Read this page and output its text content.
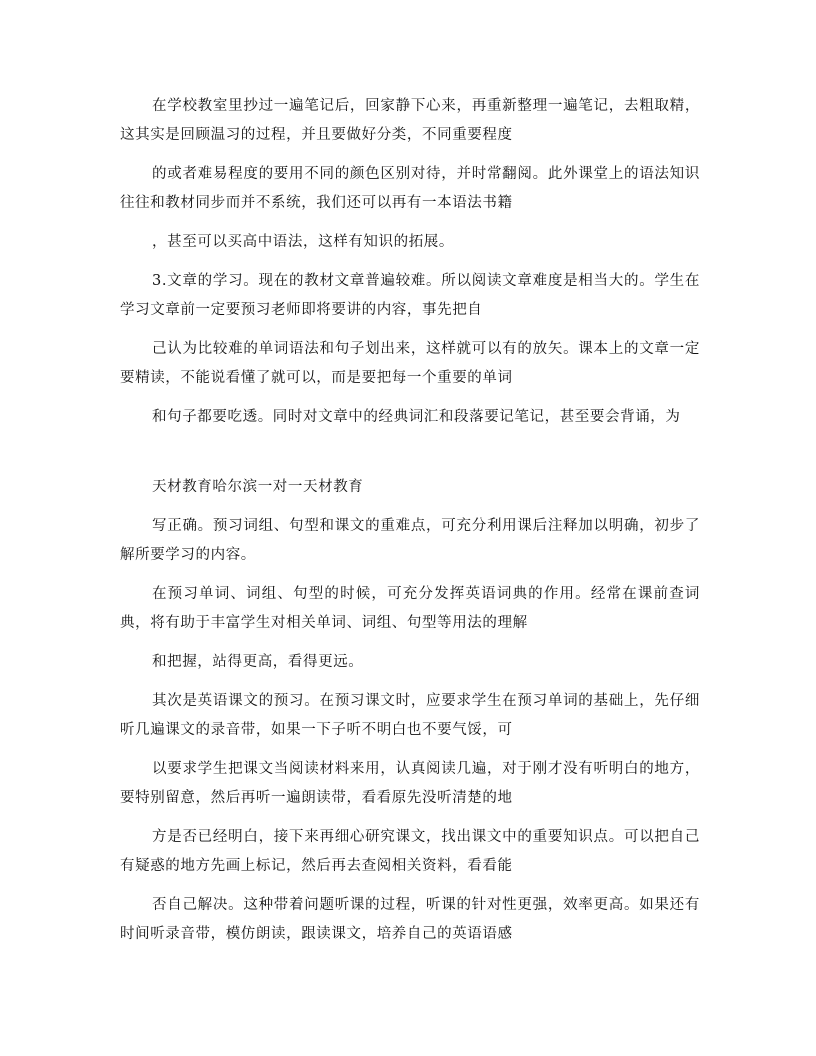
在学校教室里抄过一遍笔记后，回家静下心来，再重新整理一遍笔记，去粗取精，这其实是回顾温习的过程，并且要做好分类，不同重要程度

的或者难易程度的要用不同的颜色区别对待，并时常翻阅。此外课堂上的语法知识往往和教材同步而并不系统，我们还可以再有一本语法书籍

，甚至可以买高中语法，这样有知识的拓展。

3.文章的学习。现在的教材文章普遍较难。所以阅读文章难度是相当大的。学生在学习文章前一定要预习老师即将要讲的内容，事先把自

己认为比较难的单词语法和句子划出来，这样就可以有的放矢。课本上的文章一定要精读，不能说看懂了就可以，而是要把每一个重要的单词

和句子都要吃透。同时对文章中的经典词汇和段落要记笔记，甚至要会背诵，为

天材教育哈尔滨一对一天材教育

写正确。预习词组、句型和课文的重难点，可充分利用课后注释加以明确，初步了解所要学习的内容。

在预习单词、词组、句型的时候，可充分发挥英语词典的作用。经常在课前查词典，将有助于丰富学生对相关单词、词组、句型等用法的理解

和把握，站得更高，看得更远。

其次是英语课文的预习。在预习课文时，应要求学生在预习单词的基础上，先仔细听几遍课文的录音带，如果一下子听不明白也不要气馁，可

以要求学生把课文当阅读材料来用，认真阅读几遍，对于刚才没有听明白的地方，要特别留意，然后再听一遍朗读带，看看原先没听清楚的地

方是否已经明白，接下来再细心研究课文，找出课文中的重要知识点。可以把自己有疑惑的地方先画上标记，然后再去查阅相关资料，看看能

否自己解决。这种带着问题听课的过程，听课的针对性更强，效率更高。如果还有时间听录音带，模仿朗读，跟读课文，培养自己的英语语感
